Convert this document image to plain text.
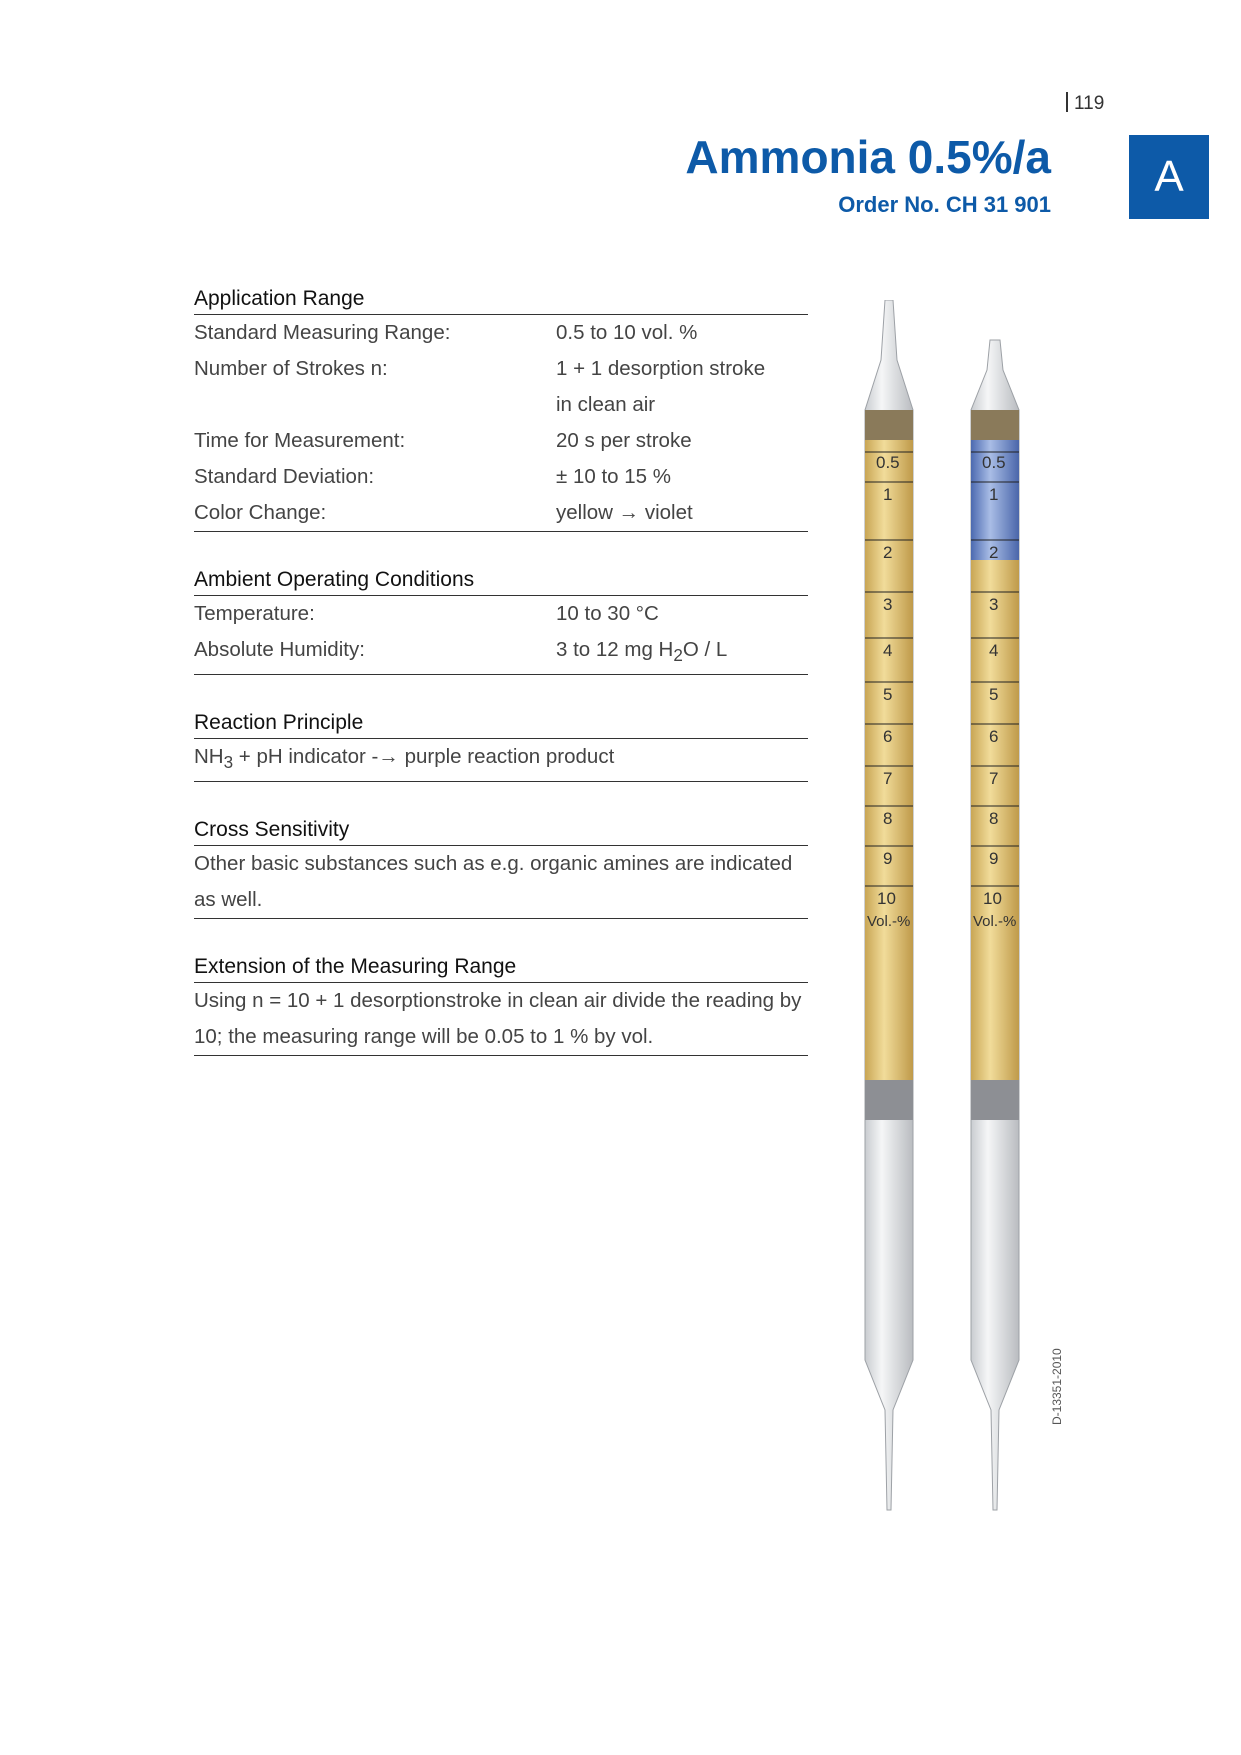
119
Ammonia 0.5%/a
Order No. CH 31 901
A
Application Range
Standard Measuring Range:	0.5 to 10 vol. %
Number of Strokes n:	1 + 1 desorption stroke
in clean air
Time for Measurement:	20 s per stroke
Standard Deviation:	± 10 to 15 %
Color Change:	yellow → violet
Ambient Operating Conditions
Temperature:	10 to 30 °C
Absolute Humidity:	3 to 12 mg $H_2O$ / L
Reaction Principle
$NH_3$ + pH indicator -→ purple reaction product
Cross Sensitivity
Other basic substances such as e.g. organic amines are indicated as well.
Extension of the Measuring Range
Using n = 10 + 1 desorptionstroke in clean air divide the reading by 10; the measuring range will be 0.05 to 1 % by vol.
0.5
1
2
3
4
5
6
7
8
9
10
Vol.-%
0.5
1
2
3
4
5
6
7
8
9
10
Vol.-%
D-13351-2010
